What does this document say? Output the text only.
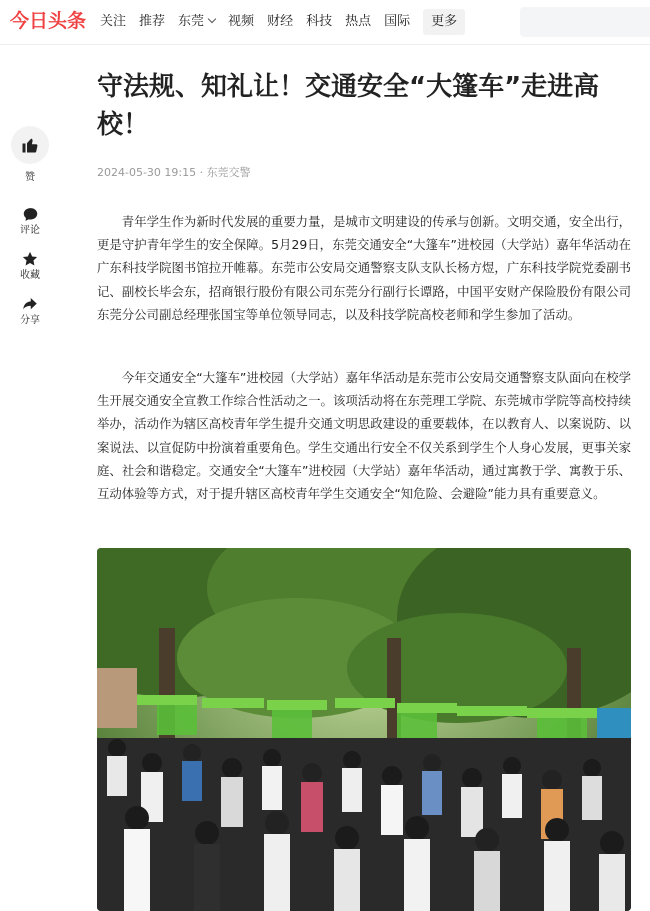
今日头条 关注 推荐 东莞	视频 财经 科技 热点 国际	更多
赞
评论
收藏
分享
守法规、知礼让！交通安全“大篷车”走进高校！
2024-05-30 19:15 · 东莞交警

青年学生作为新时代发展的重要力量，是城市文明建设的传承与创新。文明交通，安全出行，更是守护青年学生的安全保障。5月29日，东莞交通安全“大篷车”进校园（大学站）嘉年华活动在广东科技学院图书馆拉开帷幕。东莞市公安局交通警察支队支队长杨方煜，广东科技学院党委副书记、副校长毕会东，招商银行股份有限公司东莞分行副行长谭路，中国平安财产保险股份有限公司东莞分公司副总经理张国宝等单位领导同志，以及科技学院高校老师和学生参加了活动。

今年交通安全“大篷车”进校园（大学站）嘉年华活动是东莞市公安局交通警察支队面向在校学生开展交通安全宣教工作综合性活动之一。该项活动将在东莞理工学院、东莞城市学院等高校持续举办，活动作为辖区高校青年学生提升交通文明思政建设的重要载体，在以教育人、以案说防、以案说法、以宣促防中扮演着重要角色。学生交通出行安全不仅关系到学生个人身心发展，更事关家庭、社会和谐稳定。交通安全“大篷车”进校园（大学站）嘉年华活动，通过寓教于学、寓教于乐、互动体验等方式，对于提升辖区高校青年学生交通安全“知危险、会避险”能力具有重要意义。
